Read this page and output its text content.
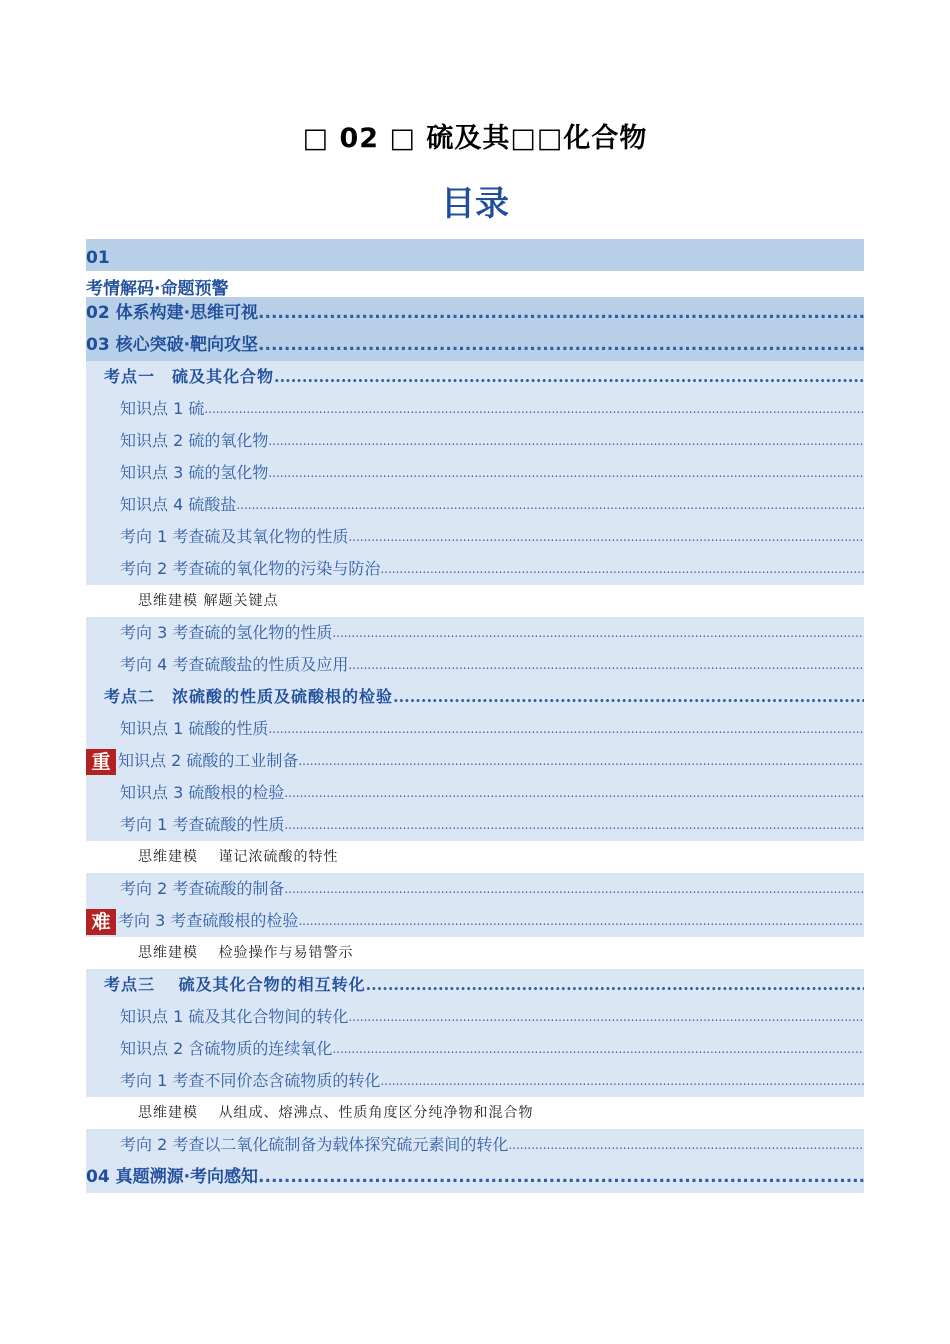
□ 02 □ 硫及其□□化合物
目录
01
考情解码·命题预警
02 体系构建·思维可视
.....
03 核心突破·靶向攻坚
.....
考点一　硫及其化合物
.....
知识点 1 硫
.....
知识点 2 硫的氧化物
.....
知识点 3 硫的氢化物
.....
知识点 4 硫酸盐
.....
考向 1 考查硫及其氧化物的性质
.....
考向 2 考查硫的氧化物的污染与防治
.....
思维建模 解题关键点
考向 3 考查硫的氢化物的性质
.....
考向 4 考查硫酸盐的性质及应用
.....
考点二　浓硫酸的性质及硫酸根的检验
.....
知识点 1 硫酸的性质
.....
重 知识点 2 硫酸的工业制备
.....
知识点 3 硫酸根的检验
.....
考向 1 考查硫酸的性质
.....
思维建模　 谨记浓硫酸的特性
考向 2 考查硫酸的制备
.....
难 考向 3 考查硫酸根的检验
.....
思维建模　 检验操作与易错警示
考点三　 硫及其化合物的相互转化
.....
知识点 1 硫及其化合物间的转化
.....
知识点 2 含硫物质的连续氧化
.....
考向 1 考查不同价态含硫物质的转化
.....
思维建模　 从组成、熔沸点、性质角度区分纯净物和混合物
考向 2 考查以二氧化硫制备为载体探究硫元素间的转化
.....
04 真题溯源·考向感知
.....
